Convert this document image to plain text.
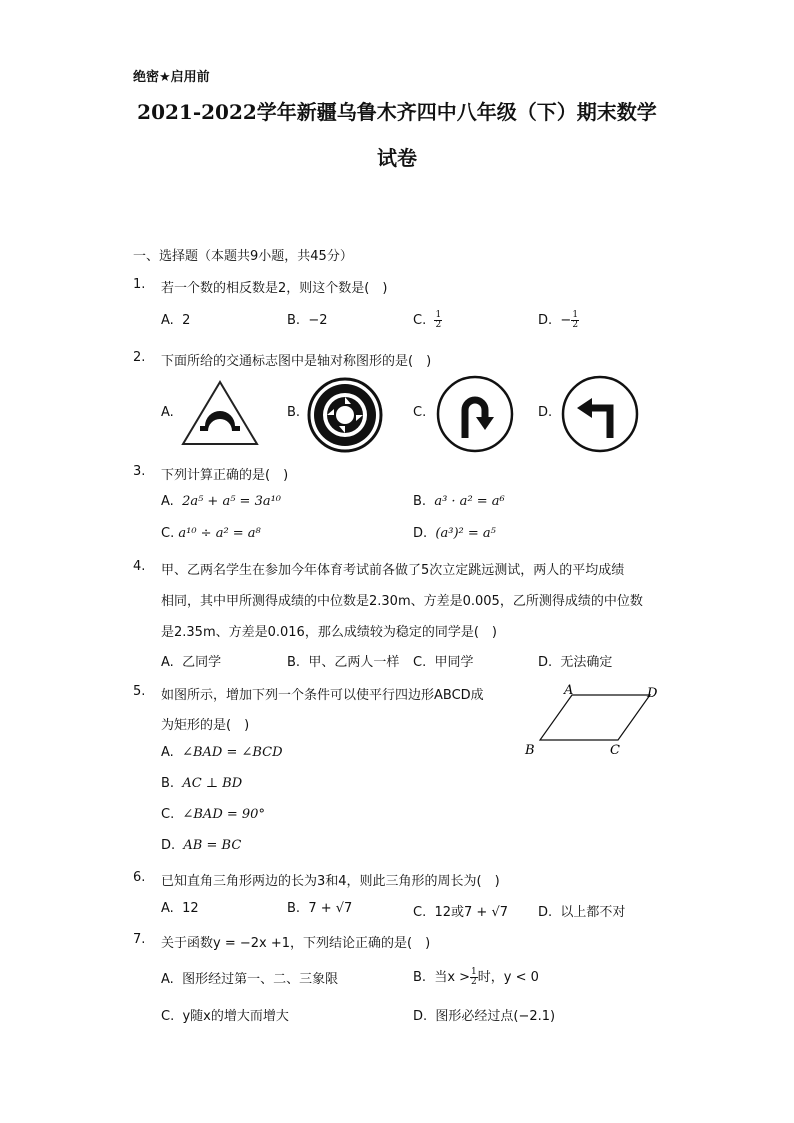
绝密★启用前
2021-2022学年新疆乌鲁木齐四中八年级（下）期末数学
试卷
一、选择题（本题共9小题，共45分）
1. 若一个数的相反数是2，则这个数是(　)
A. 2	B. −2	C. $\frac{1}{2}$	D. − $\frac{1}{2}$
2. 下面所给的交通标志图中是轴对称图形的是(　)
A.	B.	C.	D.
3. 下列计算正确的是(　)
A. 2a⁵ + a⁵ = 3a¹⁰	B. a³ · a² = a⁶
C. a¹⁰ ÷ a² = a⁸	D. (a³)² = a⁵
4. 甲、乙两名学生在参加今年体育考试前各做了5次立定跳远测试，两人的平均成绩
相同，其中甲所测得成绩的中位数是2.30m、方差是0.005，乙所测得成绩的中位数
是2.35m、方差是0.016，那么成绩较为稳定的同学是(　)
A. 乙同学	B. 甲、乙两人一样 C. 甲同学	D. 无法确定
5. 如图所示，增加下列一个条件可以使平行四边形ABCD成
为矩形的是(　)
A. ∠BAD = ∠BCD
B. AC ⊥ BD
C. ∠BAD = 90°
D. AB = BC
A	D
B	C
6. 已知直角三角形两边的长为3和4，则此三角形的周长为(　)
A. 12	B. 7 + √7	C. 12或7 + √7 D. 以上都不对
7. 关于函数y = −2x +1，下列结论正确的是(　)
A. 图形经过第一、二、三象限	B. 当$x > \frac{1}{2}$ 时，y < 0
C. y随x的增大而增大	D. 图形必经过点(−2.1)
